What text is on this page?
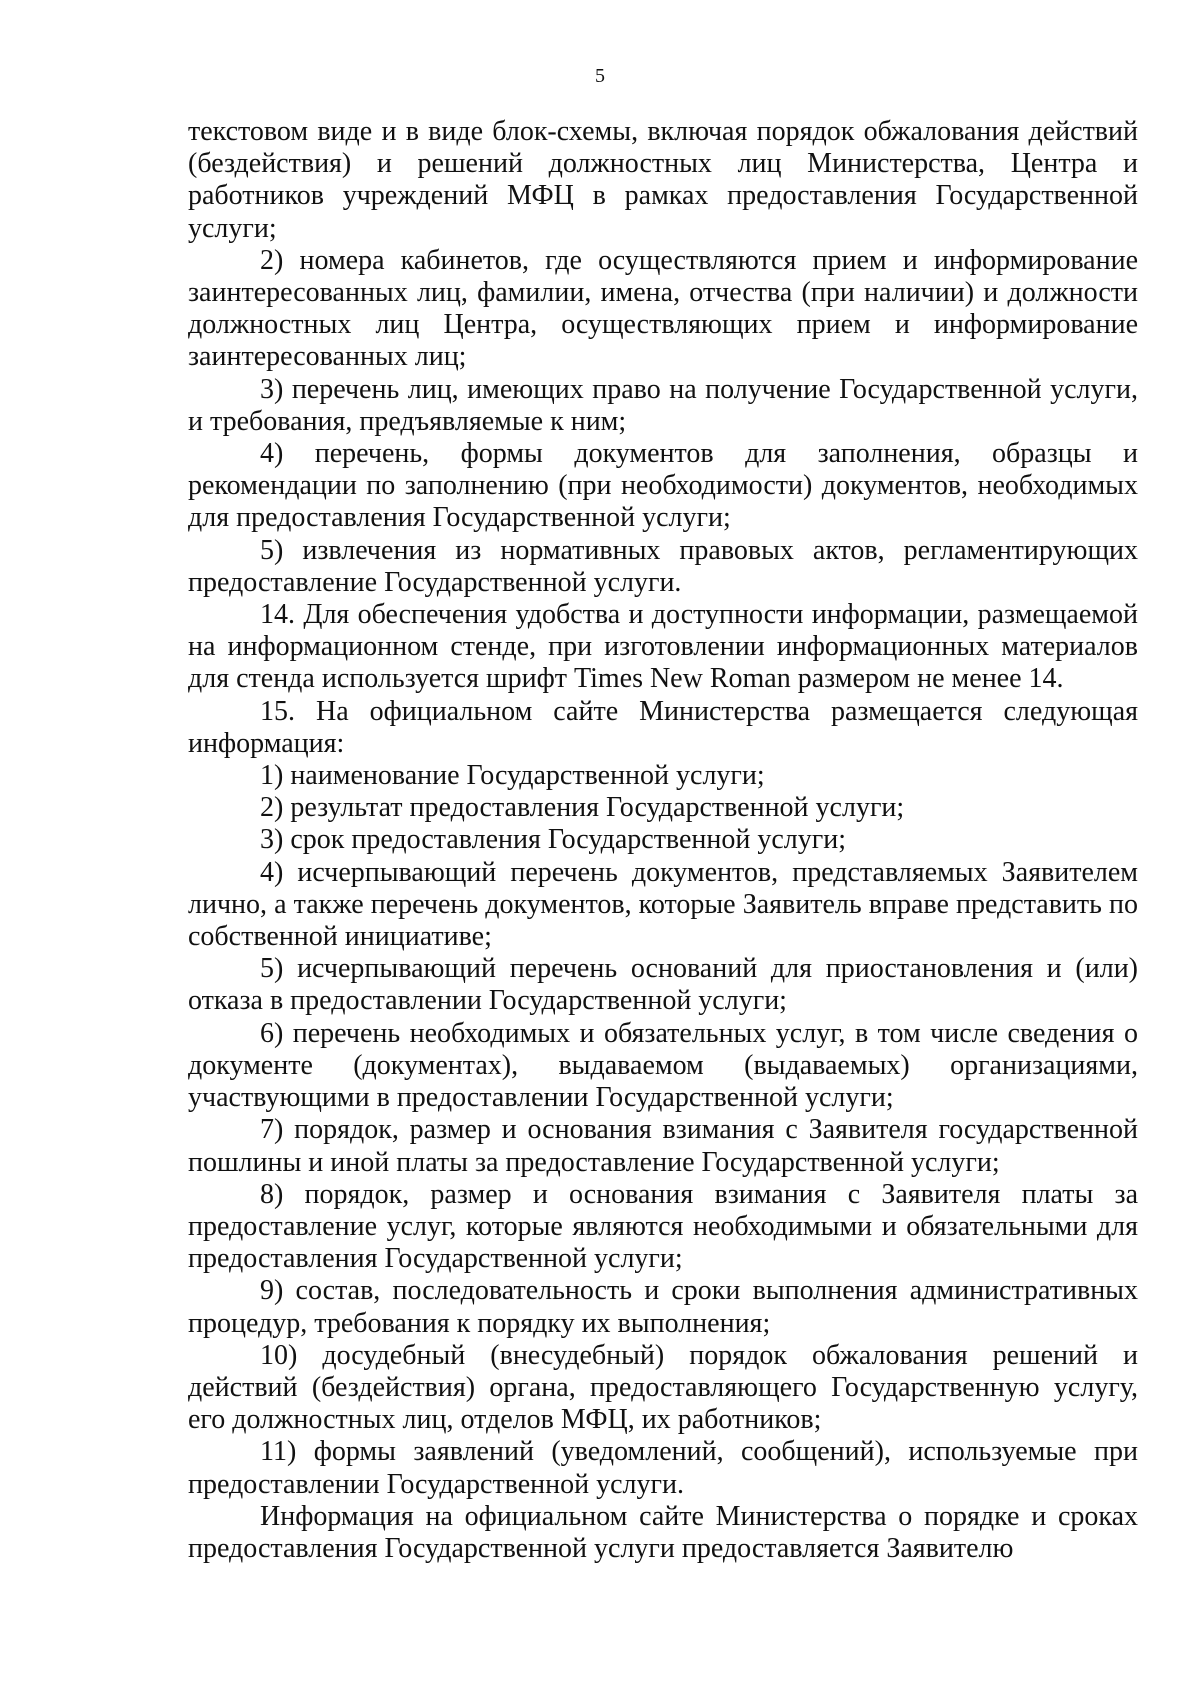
5

текстовом виде и в виде блок-схемы, включая порядок обжалования действий (бездействия) и решений должностных лиц Министерства, Центра и работников учреждений МФЦ в рамках предоставления Государственной услуги;

2) номера кабинетов, где осуществляются прием и информирование заинтересованных лиц, фамилии, имена, отчества (при наличии) и должности должностных лиц Центра, осуществляющих прием и информирование заинтересованных лиц;

3) перечень лиц, имеющих право на получение Государственной услуги, и требования, предъявляемые к ним;

4) перечень, формы документов для заполнения, образцы и рекомендации по заполнению (при необходимости) документов, необходимых для предоставления Государственной услуги;

5) извлечения из нормативных правовых актов, регламентирующих предоставление Государственной услуги.

14. Для обеспечения удобства и доступности информации, размещаемой на информационном стенде, при изготовлении информационных материалов для стенда используется шрифт Times New Roman размером не менее 14.

15. На официальном сайте Министерства размещается следующая информация:

1) наименование Государственной услуги;

2) результат предоставления Государственной услуги;

3) срок предоставления Государственной услуги;

4) исчерпывающий перечень документов, представляемых Заявителем лично, а также перечень документов, которые Заявитель вправе представить по собственной инициативе;

5) исчерпывающий перечень оснований для приостановления и (или) отказа в предоставлении Государственной услуги;

6) перечень необходимых и обязательных услуг, в том числе сведения о документе (документах), выдаваемом (выдаваемых) организациями, участвующими в предоставлении Государственной услуги;

7) порядок, размер и основания взимания с Заявителя государственной пошлины и иной платы за предоставление Государственной услуги;

8) порядок, размер и основания взимания с Заявителя платы за предоставление услуг, которые являются необходимыми и обязательными для предоставления Государственной услуги;

9) состав, последовательность и сроки выполнения административных процедур, требования к порядку их выполнения;

10) досудебный (внесудебный) порядок обжалования решений и действий (бездействия) органа, предоставляющего Государственную услугу, его должностных лиц, отделов МФЦ, их работников;

11) формы заявлений (уведомлений, сообщений), используемые при предоставлении Государственной услуги.

Информация на официальном сайте Министерства о порядке и сроках предоставления Государственной услуги предоставляется Заявителю
